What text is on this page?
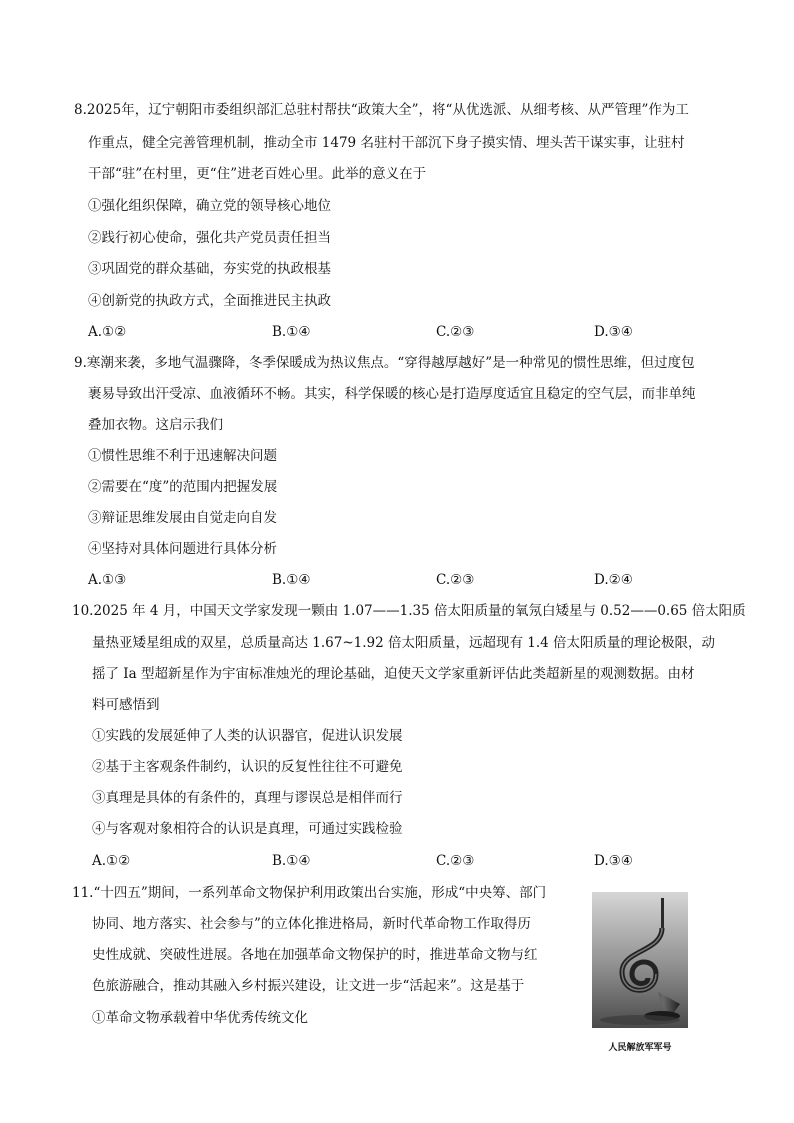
8.2025年，辽宁朝阳市委组织部汇总驻村帮扶“政策大全”，将“从优选派、从细考核、从严管理”作为工
作重点，健全完善管理机制，推动全市 1479 名驻村干部沉下身子摸实情、埋头苦干谋实事，让驻村
干部“驻”在村里，更“住”进老百姓心里。此举的意义在于
①强化组织保障，确立党的领导核心地位
②践行初心使命，强化共产党员责任担当
③巩固党的群众基础，夯实党的执政根基
④创新党的执政方式，全面推进民主执政
A.①②	B.①④	C.②③	D.③④
9.寒潮来袭，多地气温骤降，冬季保暖成为热议焦点。“穿得越厚越好”是一种常见的惯性思维，但过度包
裹易导致出汗受凉、血液循环不畅。其实，科学保暖的核心是打造厚度适宜且稳定的空气层，而非单纯
叠加衣物。这启示我们
①惯性思维不利于迅速解决问题
②需要在“度”的范围内把握发展
③辩证思维发展由自觉走向自发
④坚持对具体问题进行具体分析
A.①③	B.①④	C.②③	D.②④
10.2025 年 4 月，中国天文学家发现一颗由 1.07——1.35 倍太阳质量的氧氖白矮星与 0.52——0.65 倍太阳质
量热亚矮星组成的双星，总质量高达 1.67~1.92 倍太阳质量，远超现有 1.4 倍太阳质量的理论极限，动
摇了 Ia 型超新星作为宇宙标准烛光的理论基础，迫使天文学家重新评估此类超新星的观测数据。由材
料可感悟到
①实践的发展延伸了人类的认识器官，促进认识发展
②基于主客观条件制约，认识的反复性往往不可避免
③真理是具体的有条件的，真理与谬误总是相伴而行
④与客观对象相符合的认识是真理，可通过实践检验
A.①②	B.①④	C.②③	D.③④
11.“十四五”期间，一系列革命文物保护利用政策出台实施，形成“中央筹、部门
协同、地方落实、社会参与”的立体化推进格局，新时代革命物工作取得历
史性成就、突破性进展。各地在加强革命文物保护的时，推进革命文物与红
色旅游融合，推动其融入乡村振兴建设，让文进一步“活起来”。这是基于
①革命文物承载着中华优秀传统文化
人民解放军军号
